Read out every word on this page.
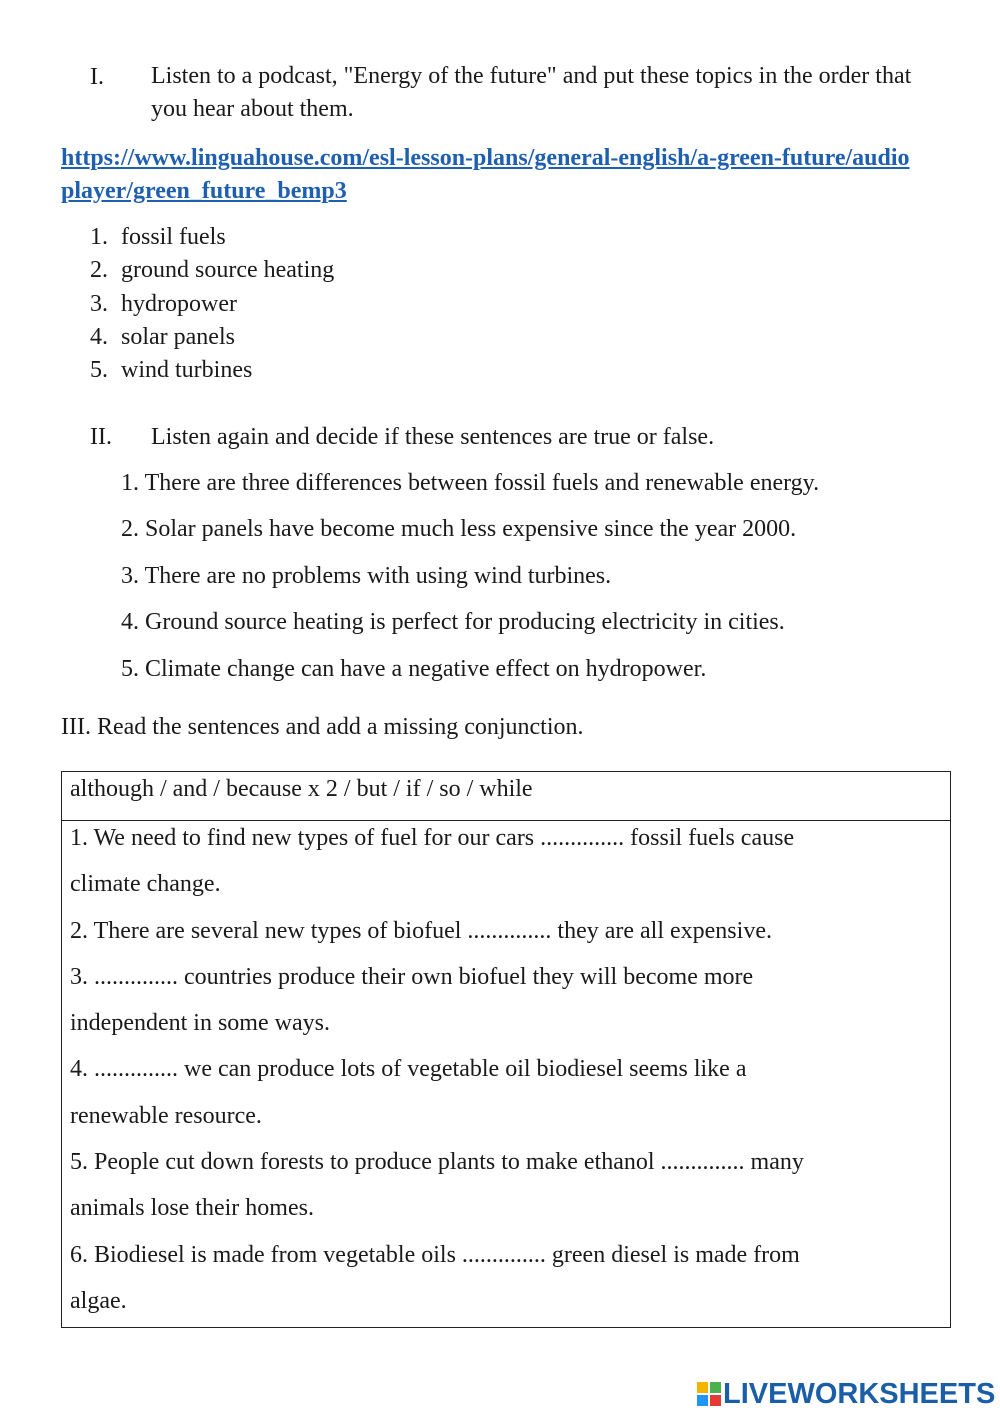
I. Listen to a podcast, "Energy of the future" and put these topics in the order that you hear about them.
https://www.linguahouse.com/esl-lesson-plans/general-english/a-green-future/audioplayer/green_future_bemp3
1. fossil fuels
2. ground source heating
3. hydropower
4. solar panels
5. wind turbines
II. Listen again and decide if these sentences are true or false.
1. There are three differences between fossil fuels and renewable energy.
2. Solar panels have become much less expensive since the year 2000.
3. There are no problems with using wind turbines.
4. Ground source heating is perfect for producing electricity in cities.
5. Climate change can have a negative effect on hydropower.
III. Read the sentences and add a missing conjunction.
although / and / because x 2 / but / if / so / while
1. We need to find new types of fuel for our cars .............. fossil fuels cause
climate change.
2. There are several new types of biofuel .............. they are all expensive.
3. .............. countries produce their own biofuel they will become more
independent in some ways.
4. .............. we can produce lots of vegetable oil biodiesel seems like a
renewable resource.
5. People cut down forests to produce plants to make ethanol .............. many
animals lose their homes.
6. Biodiesel is made from vegetable oils .............. green diesel is made from
algae.
LIVEWORKSHEETS
